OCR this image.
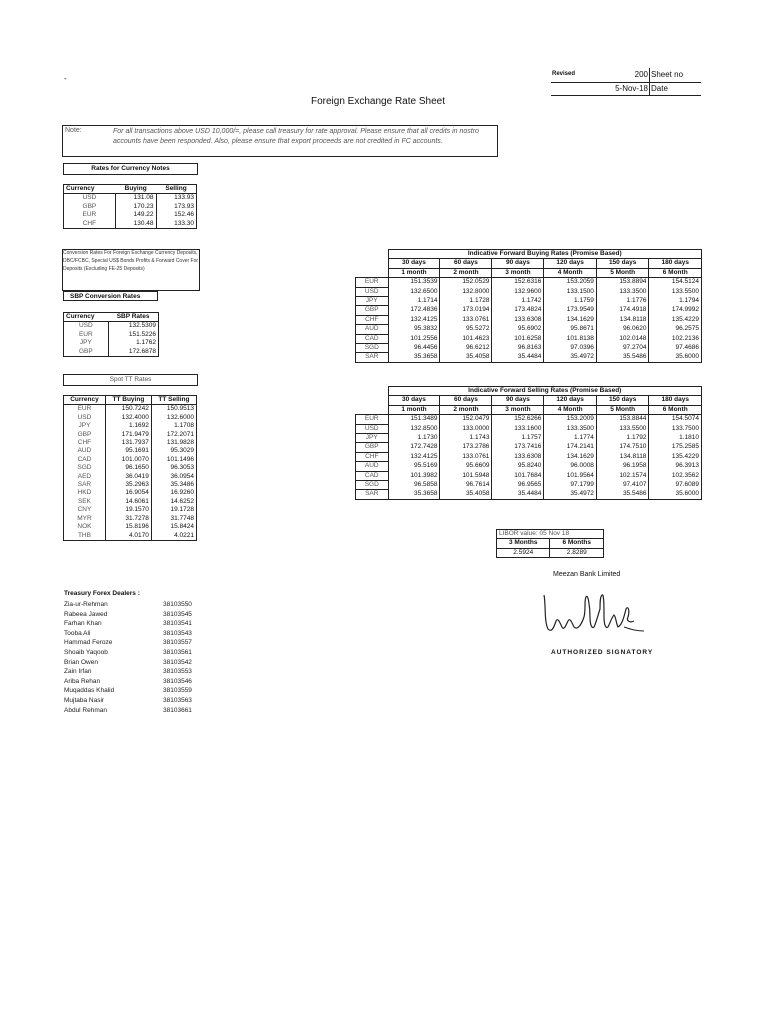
-	Revised	200 Sheet no
5-Nov-18 Date
Foreign Exchange Rate Sheet
Note:	For all transactions above USD 10,000/=, please call treasury for rate approval. Please ensure that all credits in nostro accounts have been responded. Also, please ensure that export proceeds are not credited in FC accounts.
Rates for Currency Notes
Currency	Buying	Selling
USD	131.08	133.93
GBP	170.23	173.93
EUR	149.22	152.46
CHF	130.48	133.30
Conversion Rates For Foreign Exchange Currency Deposits, DBC/FCBC, Special US$ Bonds Profits & Forward Cover For Deposits (Excluding FE-25 Deposits)
SBP Conversion Rates
Currency	SBP Rates
USD	132.5309
EUR	151.5226
JPY	1.1762
GBP	172.6878
Spot TT Rates
Currency	TT Buying	TT Selling
EUR	150.7242	150.9513
USD	132.4000	132.6000
JPY	1.1692	1.1708
GBP	171.9479	172.2071
CHF	131.7937	131.9828
AUD	95.1691	95.3029
CAD	101.0070	101.1496
SGD	96.1650	96.3053
AED	36.0419	36.0954
SAR	35.2963	35.3486
HKD	16.9054	16.9260
SEK	14.6061	14.6252
CNY	19.1570	19.1728
MYR	31.7278	31.7748
NOK	15.8196	15.8424
THB	4.0170	4.0221
	Indicative Forward Buying Rates (Promise Based)					
	30 days	60 days	90 days	120 days	150 days	180 days
	1 month	2 month	3 month	4 Month	5 Month	6 Month
EUR	151.3539	152.0529	152.6316	153.2059	153.8894	154.5124
USD	132.6500	132.8000	132.9600	133.1500	133.3500	133.5500
JPY	1.1714	1.1728	1.1742	1.1759	1.1776	1.1794
GBP	172.4836	173.0194	173.4824	173.9549	174.4918	174.9992
CHF	132.4125	133.0761	133.6308	134.1629	134.8118	135.4229
AUD	95.3832	95.5272	95.6902	95.8671	96.0620	96.2575
CAD	101.2556	101.4623	101.6258	101.8138	102.0148	102.2136
SGD	96.4456	96.6212	96.8163	97.0396	97.2704	97.4686
SAR	35.3658	35.4058	35.4484	35.4972	35.5486	35.6000
	Indicative Forward Selling Rates (Promise Based)					
	30 days	60 days	90 days	120 days	150 days	180 days
	1 month	2 month	3 month	4 Month	5 Month	6 Month
EUR	151.3489	152.0479	152.6266	153.2009	153.8844	154.5074
USD	132.8500	133.0000	133.1600	133.3500	133.5500	133.7500
JPY	1.1730	1.1743	1.1757	1.1774	1.1792	1.1810
GBP	172.7428	173.2786	173.7416	174.2141	174.7510	175.2585
CHF	132.4125	133.0761	133.6308	134.1629	134.8118	135.4229
AUD	95.5169	95.6609	95.8240	96.0008	96.1958	96.3913
CAD	101.3982	101.5948	101.7684	101.9564	102.1574	102.3562
SGD	96.5858	96.7614	96.9565	97.1799	97.4107	97.6089
SAR	35.3658	35.4058	35.4484	35.4972	35.5486	35.6000
LIBOR value: 05 Nov 18	
3 Months	6 Months
2.5924	2.8289
Meezan Bank Limited
AUTHORIZED SIGNATORY
Treasury Forex Dealers :
Zia-ur-Rehman	38103550
Rabeea Jawed	38103545
Farhan Khan	38103541
Tooba Ali	38103543
Hammad Feroze	38103557
Shoaib Yaqoob	38103561
Brian Owen	38103542
Zain Irfan	38103553
Ariba Rehan	38103546
Muqaddas Khalid	38103559
Mujtaba Nasir	38103563
Abdul Rehman	38103661
